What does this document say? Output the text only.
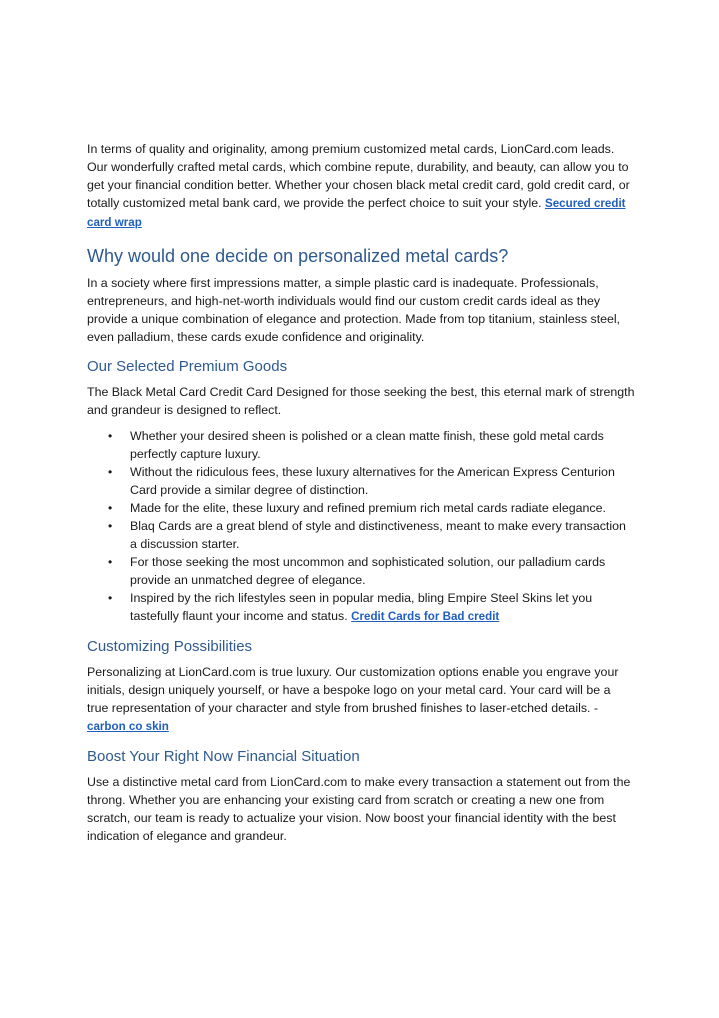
In terms of quality and originality, among premium customized metal cards, LionCard.com leads. Our wonderfully crafted metal cards, which combine repute, durability, and beauty, can allow you to get your financial condition better. Whether your chosen black metal credit card, gold credit card, or totally customized metal bank card, we provide the perfect choice to suit your style. Secured credit card wrap

Why would one decide on personalized metal cards?

In a society where first impressions matter, a simple plastic card is inadequate. Professionals, entrepreneurs, and high-net-worth individuals would find our custom credit cards ideal as they provide a unique combination of elegance and protection. Made from top titanium, stainless steel, even palladium, these cards exude confidence and originality.

Our Selected Premium Goods

The Black Metal Card Credit Card Designed for those seeking the best, this eternal mark of strength and grandeur is designed to reflect.

• Whether your desired sheen is polished or a clean matte finish, these gold metal cards perfectly capture luxury.
• Without the ridiculous fees, these luxury alternatives for the American Express Centurion Card provide a similar degree of distinction.
• Made for the elite, these luxury and refined premium rich metal cards radiate elegance.
• Blaq Cards are a great blend of style and distinctiveness, meant to make every transaction a discussion starter.
• For those seeking the most uncommon and sophisticated solution, our palladium cards provide an unmatched degree of elegance.
• Inspired by the rich lifestyles seen in popular media, bling Empire Steel Skins let you tastefully flaunt your income and status. Credit Cards for Bad credit
Customizing Possibilities

Personalizing at LionCard.com is true luxury. Our customization options enable you engrave your initials, design uniquely yourself, or have a bespoke logo on your metal card. Your card will be a true representation of your character and style from brushed finishes to laser-etched details. - carbon co skin

Boost Your Right Now Financial Situation

Use a distinctive metal card from LionCard.com to make every transaction a statement out from the throng. Whether you are enhancing your existing card from scratch or creating a new one from scratch, our team is ready to actualize your vision. Now boost your financial identity with the best indication of elegance and grandeur.
